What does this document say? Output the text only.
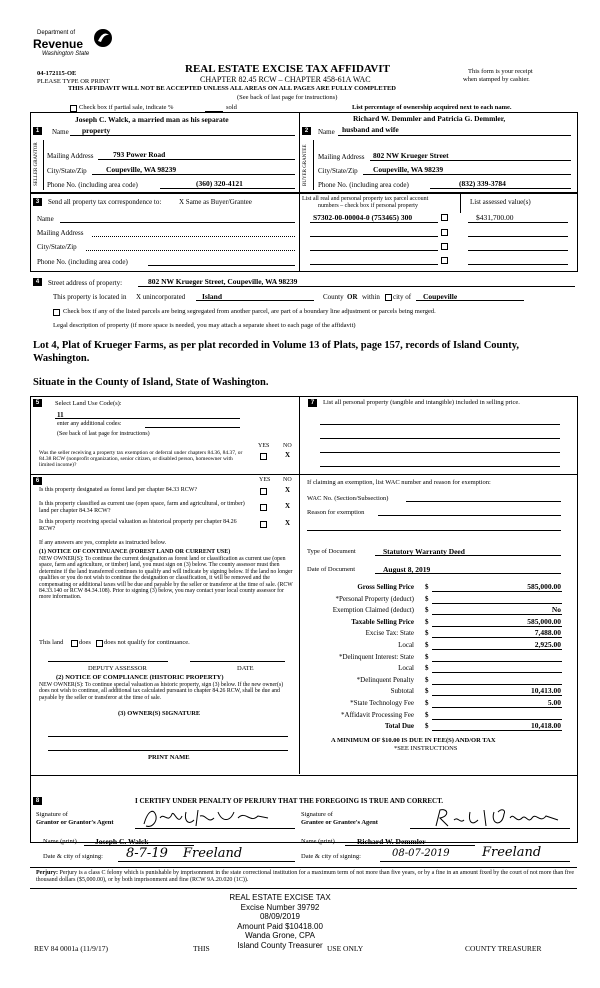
Department of
Revenue
Washington State
04-172115-OE
PLEASE TYPE OR PRINT
REAL ESTATE EXCISE TAX AFFIDAVIT
CHAPTER 82.45 RCW – CHAPTER 458-61A WAC
This form is your receipt
when stamped by cashier.
THIS AFFIDAVIT WILL NOT BE ACCEPTED UNLESS ALL AREAS ON ALL PAGES ARE FULLY COMPLETED
(See back of last page for instructions)
Check box if partial sale, indicate %	sold	List percentage of ownership acquired next to each name.
1	Name
Joseph C. Walck, a married man as his separate
property
SELLER GRANTOR Mailing Address	793 Power Road
City/State/Zip	Coupeville, WA 98239
Phone No. (including area code)	(360) 320-4121
2	Name
Richard W. Demmler and Patricia G. Demmler,
husband and wife
BUYER GRANTEE Mailing Address 802 NW Krueger Street
City/State/Zip Coupeville, WA 98239
Phone No. (including area code)	(832) 339-3784
3	Send all property tax correspondence to:	X Same as Buyer/Grantee
Name
Mailing Address
City/State/Zip
Phone No. (including area code)
List all real and personal property tax parcel account
numbers – check box if personal property	List assessed value(s)
S7302-00-00004-0 (753465) 300	$431,700.00
4	Street address of property:	802 NW Krueger Street, Coupeville, WA 98239
This property is located in X unincorporated Island	County OR within city of Coupeville
Check box if any of the listed parcels are being segregated from another parcel, are part of a boundary line adjustment or parcels being merged.
Legal description of property (if more space is needed, you may attach a separate sheet to each page of the affidavit)
Lot 4, Plat of Krueger Farms, as per plat recorded in Volume 13 of Plats, page 157, records of Island County,
Washington.
Situate in the County of Island, State of Washington.
5	Select Land Use Code(s):
11
enter any additional codes:
(See back of last page for instructions)
YES NO
Was the seller receiving a property tax exemption or deferral under chapters 84.36, 84.37, or 84.38 RCW (nonprofit organization, senior citizen, or disabled person, homeowner with limited income)?
X
6	YES NO
Is this property designated as forest land per chapter 84.33 RCW?	X
Is this property classified as current use (open space, farm and agricultural, or timber) land per chapter 84.34 RCW?
X
Is this property receiving special valuation as historical property per chapter 84.26 RCW?
X
If any answers are yes, complete as instructed below.
(1) NOTICE OF CONTINUANCE (FOREST LAND OR CURRENT USE)
NEW OWNER(S): To continue the current designation as forest land or classification as current use (open space, farm and agriculture, or timber) land, you must sign on (3) below. The county assessor must then determine if the land transferred continues to qualify and will indicate by signing below. If the land no longer qualifies or you do not wish to continue the designation or classification, it will be removed and the compensating or additional taxes will be due and payable by the seller or transferor at the time of sale. (RCW 84.33.140 or RCW 84.34.108). Prior to signing (3) below, you may contact your local county assessor for more information.
This land does does not qualify for continuance.
DEPUTY ASSESSOR	DATE
(2) NOTICE OF COMPLIANCE (HISTORIC PROPERTY)
NEW OWNER(S): To continue special valuation as historic property, sign (3) below. If the new owner(s) does not wish to continue, all additional tax calculated pursuant to chapter 84.26 RCW, shall be due and payable by the seller or transferor at the time of sale.
(3) OWNER(S) SIGNATURE
PRINT NAME
7	List all personal property (tangible and intangible) included in selling price.
If claiming an exemption, list WAC number and reason for exemption:
WAC No. (Section/Subsection)
Reason for exemption
Type of Document	Statutory Warranty Deed
Date of Document	August 8, 2019
Gross Selling Price $	585,000.00
*Personal Property (deduct) $
Exemption Claimed (deduct) $	No
Taxable Selling Price $	585,000.00
Excise Tax: State $	7,488.00
Local $	2,925.00
*Delinquent Interest: State $
Local $
*Delinquent Penalty $
Subtotal $	10,413.00
*State Technology Fee $	5.00
*Affidavit Processing Fee $
Total Due $	10,418.00
A MINIMUM OF $10.00 IS DUE IN FEE(S) AND/OR TAX
*SEE INSTRUCTIONS
8	I CERTIFY UNDER PENALTY OF PERJURY THAT THE FOREGOING IS TRUE AND CORRECT.
Signature of
Grantor or Grantor's Agent
Signature of
Grantee or Grantee's Agent
Name (print) Joseph C. Walck	Name (print)	Richard W. Demmler
Date & city of signing: 8-7-19 Freeland	Date & city of signing:	08-07-2019 Freeland
Perjury: Perjury is a class C felony which is punishable by imprisonment in the state correctional institution for a maximum term of not more than five years, or by a fine in an amount fixed by the court of not more than five thousand dollars ($5,000.00), or by both imprisonment and fine (RCW 9A.20.020 (1C)).
REAL ESTATE EXCISE TAX
Excise Number 39792
08/09/2019
Amount Paid $10418.00
Wanda Grone, CPA
Island County Treasurer
THIS	USE ONLY
REV 84 0001a (11/9/17)	COUNTY TREASURER
